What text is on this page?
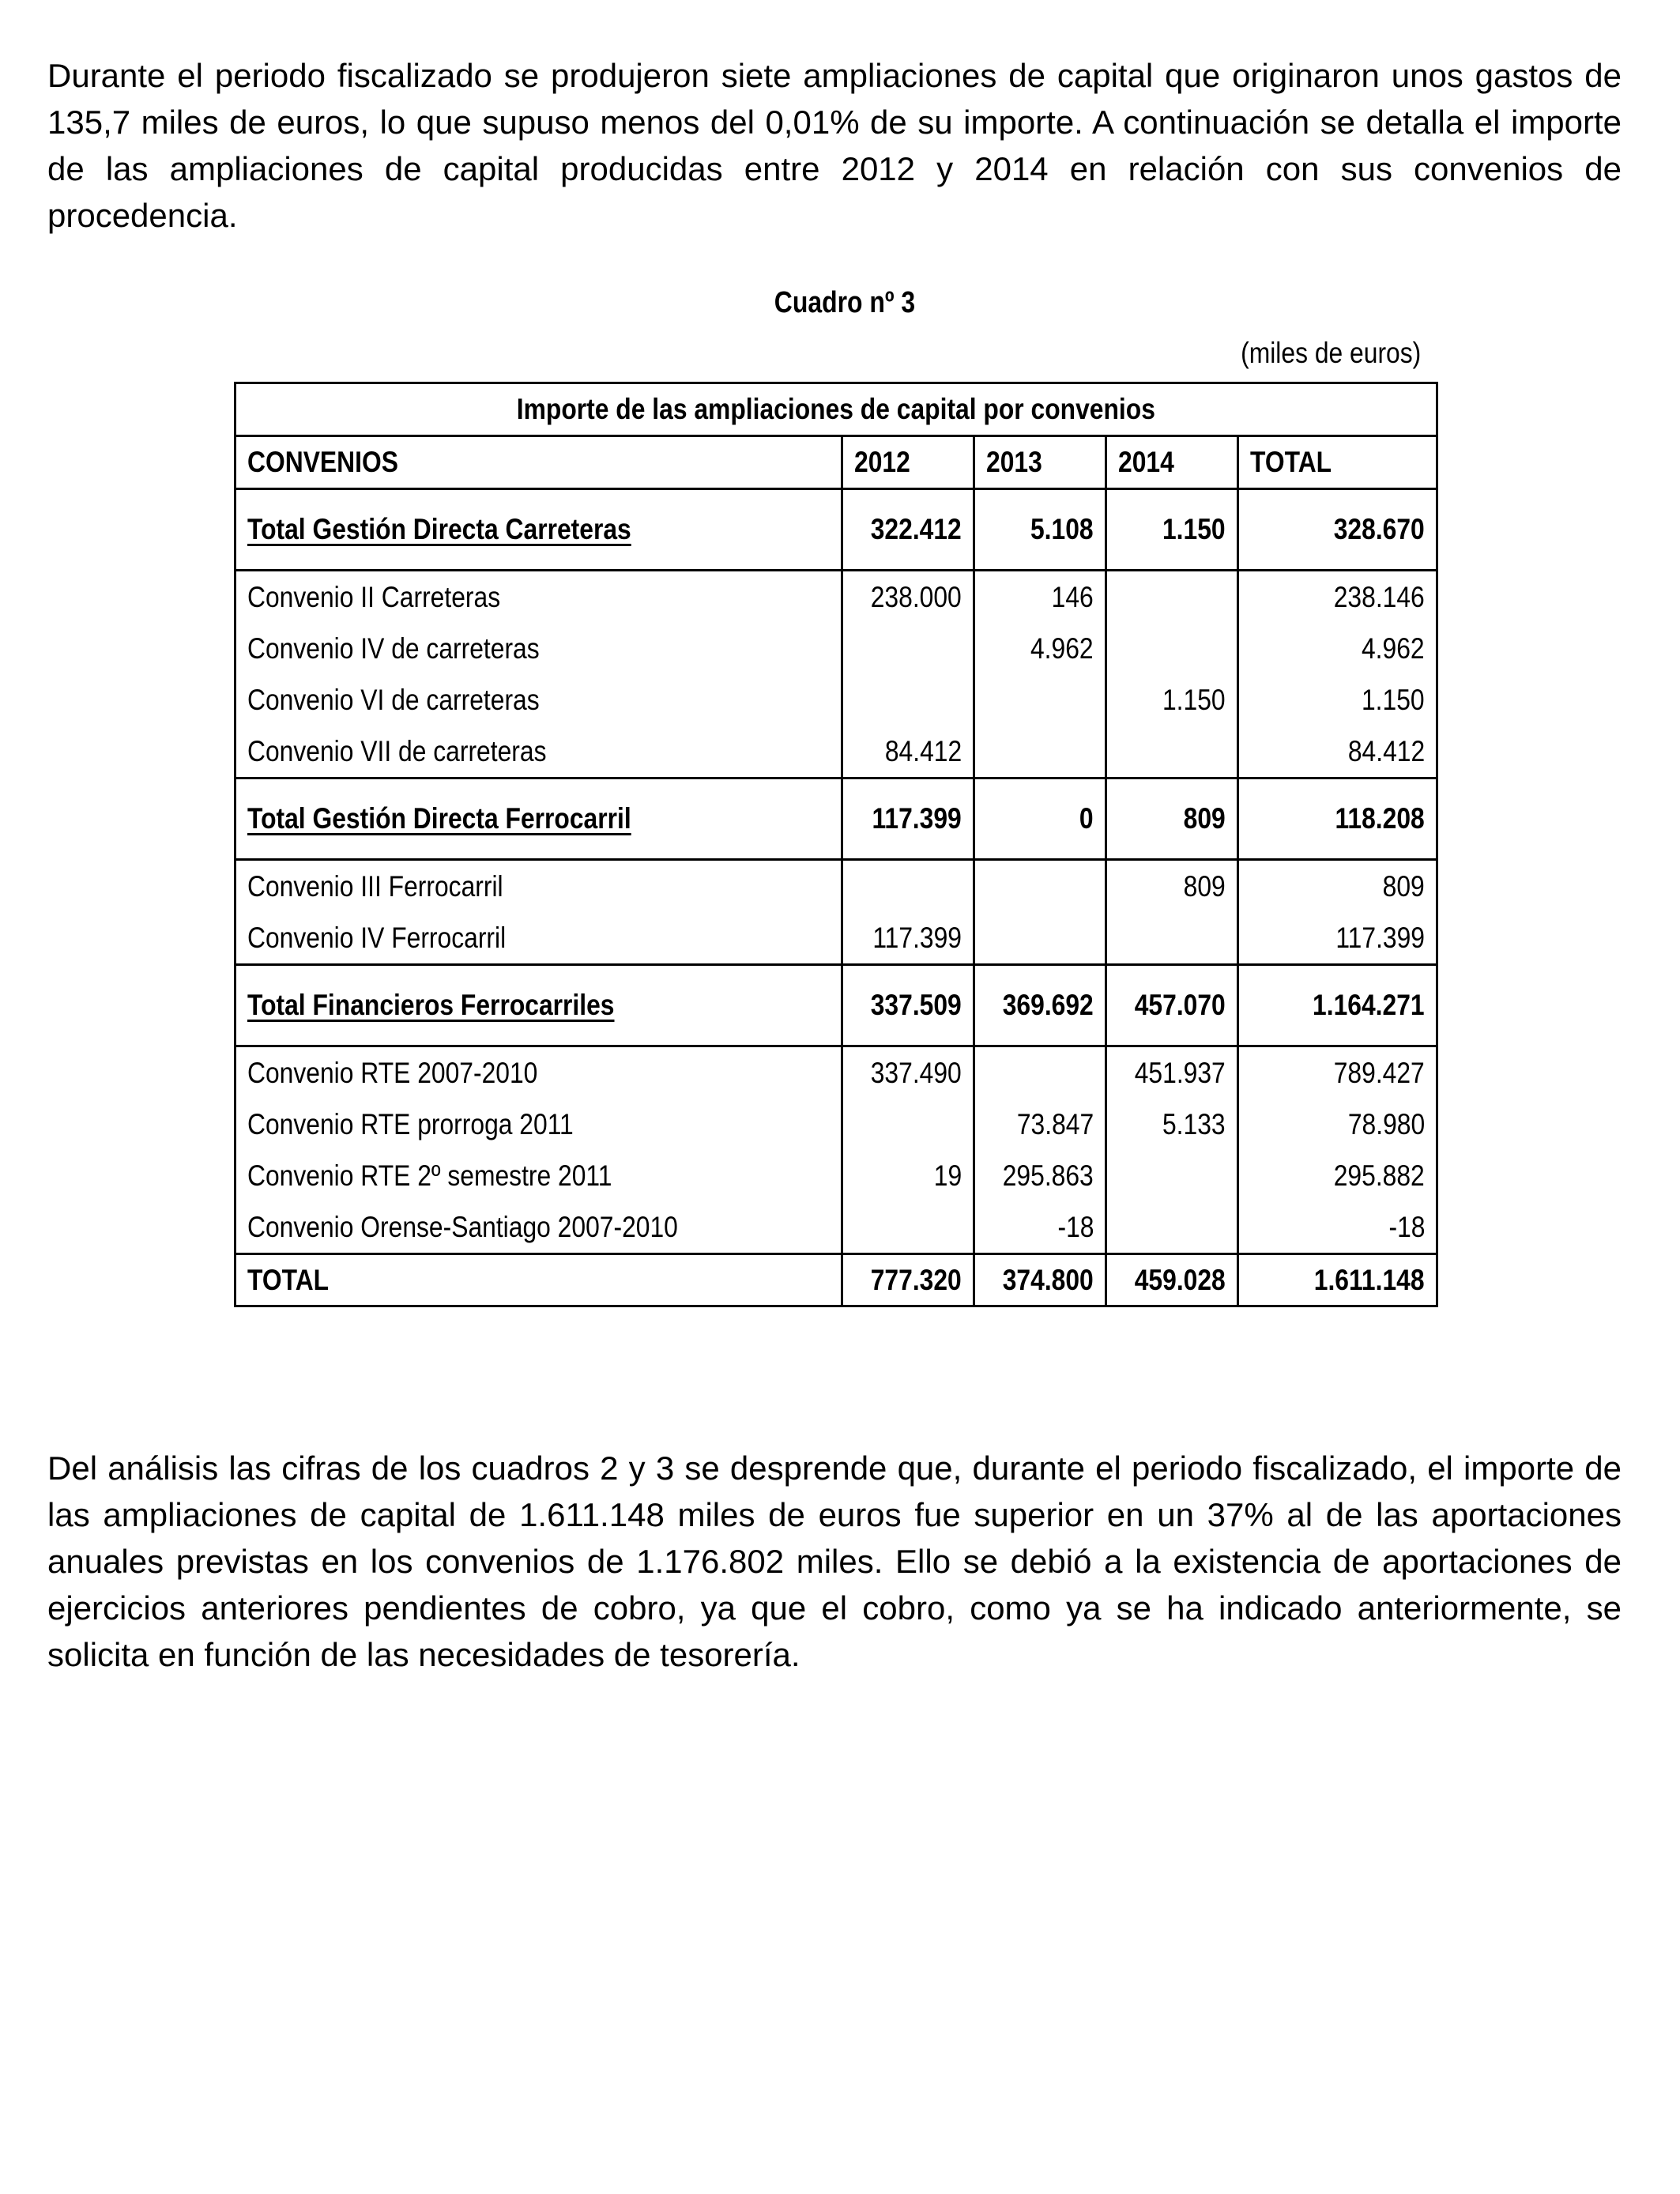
Durante el periodo fiscalizado se produjeron siete ampliaciones de capital que originaron unos gastos de 135,7 miles de euros, lo que supuso menos del 0,01% de su importe. A continuación se detalla el importe de las ampliaciones de capital producidas entre 2012 y 2014 en relación con sus convenios de procedencia.

Cuadro nº 3
(miles de euros)
Importe de las ampliaciones de capital por convenios				
CONVENIOS	2012	2013	2014	TOTAL
Total Gestión Directa Carreteras	322.412	5.108	1.150	328.670
Convenio II Carreteras	238.000	146		238.146
Convenio IV de carreteras		4.962		4.962
Convenio VI de carreteras			1.150	1.150
Convenio VII de carreteras	84.412			84.412
Total Gestión Directa Ferrocarril	117.399	0	809	118.208
Convenio III Ferrocarril			809	809
Convenio IV Ferrocarril	117.399			117.399
Total Financieros Ferrocarriles	337.509	369.692	457.070	1.164.271
Convenio RTE 2007-2010	337.490		451.937	789.427
Convenio RTE prorroga 2011		73.847	5.133	78.980
Convenio RTE 2º semestre 2011	19	295.863		295.882
Convenio Orense-Santiago 2007-2010		-18		-18
TOTAL	777.320	374.800	459.028	1.611.148

Del análisis las cifras de los cuadros 2 y 3 se desprende que, durante el periodo fiscalizado, el importe de las ampliaciones de capital de 1.611.148 miles de euros fue superior en un 37% al de las aportaciones anuales previstas en los convenios de 1.176.802 miles. Ello se debió a la existencia de aportaciones de ejercicios anteriores pendientes de cobro, ya que el cobro, como ya se ha indicado anteriormente, se solicita en función de las necesidades de tesorería.
